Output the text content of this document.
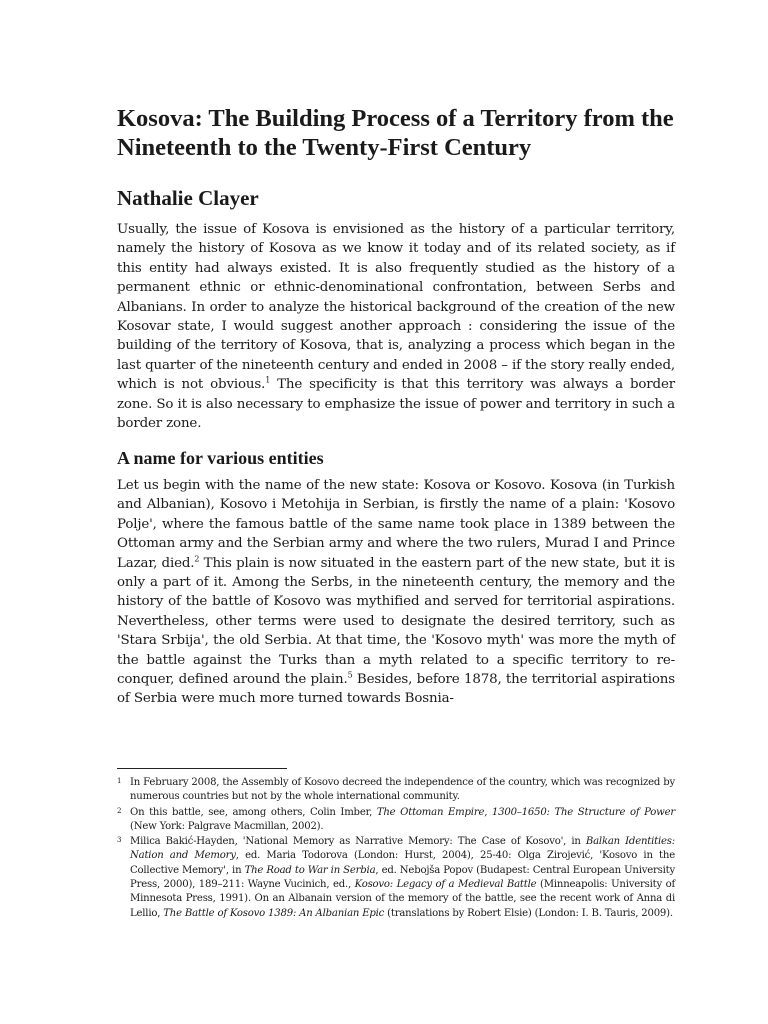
Kosova: The Building Process of a Territory from the Nineteenth to the Twenty-First Century
Nathalie Clayer

Usually, the issue of Kosova is envisioned as the history of a particular territory, namely the history of Kosova as we know it today and of its related society, as if this entity had always existed. It is also frequently studied as the history of a permanent ethnic or ethnic-denominational confrontation, between Serbs and Albanians. In order to analyze the historical background of the creation of the new Kosovar state, I would suggest another approach : considering the issue of the building of the territory of Kosova, that is, analyzing a process which began in the last quarter of the nineteenth century and ended in 2008 – if the story really ended, which is not obvious.$^1$ The specificity is that this territory was always a border zone. So it is also necessary to emphasize the issue of power and territory in such a border zone.

A name for various entities

Let us begin with the name of the new state: Kosova or Kosovo. Kosova (in Turkish and Albanian), Kosovo i Metohija in Serbian, is firstly the name of a plain: 'Kosovo Polje', where the famous battle of the same name took place in 1389 between the Ottoman army and the Serbian army and where the two rulers, Murad I and Prince Lazar, died.$^2$ This plain is now situated in the eastern part of the new state, but it is only a part of it. Among the Serbs, in the nineteenth century, the memory and the history of the battle of Kosovo was mythified and served for territorial aspirations. Nevertheless, other terms were used to designate the desired territory, such as 'Stara Srbija', the old Serbia. At that time, the 'Kosovo myth' was more the myth of the battle against the Turks than a myth related to a specific territory to re-conquer, defined around the plain.$^5$ Besides, before 1878, the territorial aspirations of Serbia were much more turned towards Bosnia-

1 In February 2008, the Assembly of Kosovo decreed the independence of the country, which was recognized by numerous countries but not by the whole international community.

2 On this battle, see, among others, Colin Imber, The Ottoman Empire, 1300–1650: The Structure of Power (New York: Palgrave Macmillan, 2002).

3 Milica Bakić-Hayden, 'National Memory as Narrative Memory: The Case of Kosovo', in Balkan Identities: Nation and Memory, ed. Maria Todorova (London: Hurst, 2004), 25-40: Olga Zirojević, 'Kosovo in the Collective Memory', in The Road to War in Serbia, ed. Nebojša Popov (Budapest: Central European University Press, 2000), 189–211: Wayne Vucinich, ed., Kosovo: Legacy of a Medieval Battle (Minneapolis: University of Minnesota Press, 1991). On an Albanain version of the memory of the battle, see the recent work of Anna di Lellio, The Battle of Kosovo 1389: An Albanian Epic (translations by Robert Elsie) (London: I. B. Tauris, 2009).
